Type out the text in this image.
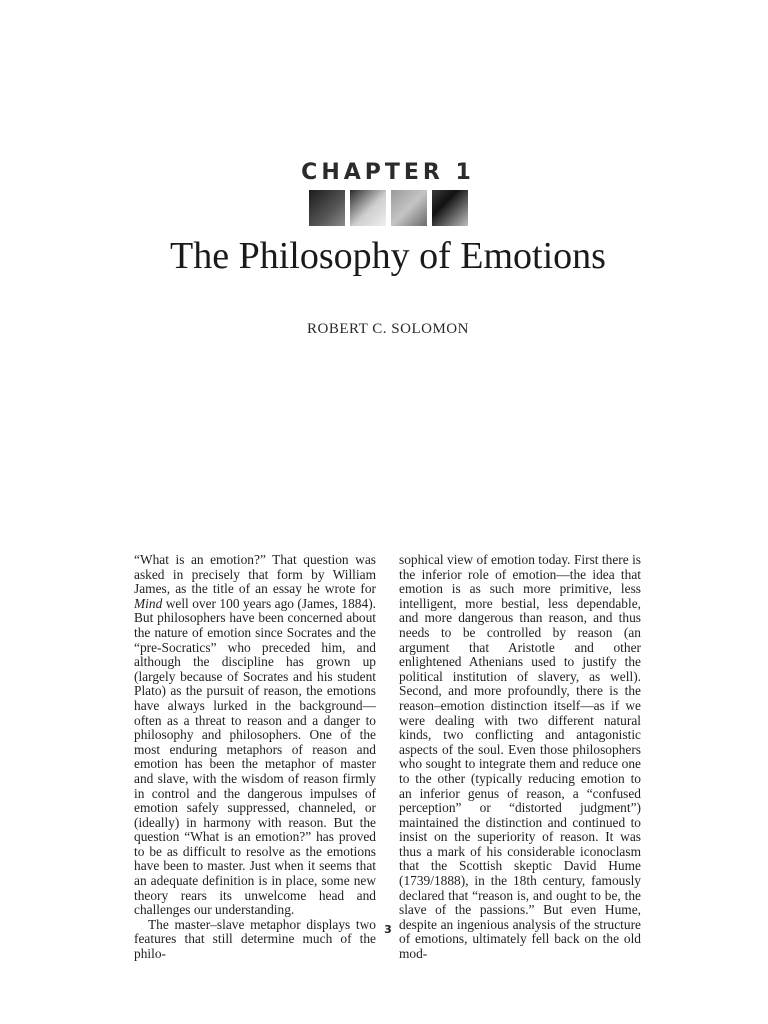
CHAPTER 1
The Philosophy of Emotions
ROBERT C. SOLOMON

“What is an emotion?” That question was asked in precisely that form by William James, as the title of an essay he wrote for Mind well over 100 years ago (James, 1884). But philosophers have been concerned about the nature of emotion since Socrates and the “pre-Socratics” who preceded him, and although the discipline has grown up (largely because of Socrates and his student Plato) as the pursuit of reason, the emotions have always lurked in the background—often as a threat to reason and a danger to philosophy and philosophers. One of the most enduring metaphors of reason and emotion has been the metaphor of master and slave, with the wisdom of reason firmly in control and the dangerous impulses of emotion safely suppressed, channeled, or (ideally) in harmony with reason. But the question “What is an emotion?” has proved to be as difficult to resolve as the emotions have been to master. Just when it seems that an adequate definition is in place, some new theory rears its unwelcome head and challenges our understanding.

The master–slave metaphor displays two features that still determine much of the philo-

sophical view of emotion today. First there is the inferior role of emotion—the idea that emotion is as such more primitive, less intelligent, more bestial, less dependable, and more dangerous than reason, and thus needs to be controlled by reason (an argument that Aristotle and other enlightened Athenians used to justify the political institution of slavery, as well). Second, and more profoundly, there is the reason–emotion distinction itself—as if we were dealing with two different natural kinds, two conflicting and antagonistic aspects of the soul. Even those philosophers who sought to integrate them and reduce one to the other (typically reducing emotion to an inferior genus of reason, a “confused perception” or “distorted judgment”) maintained the distinction and continued to insist on the superiority of reason. It was thus a mark of his considerable iconoclasm that the Scottish skeptic David Hume (1739/1888), in the 18th century, famously declared that “reason is, and ought to be, the slave of the passions.” But even Hume, despite an ingenious analysis of the structure of emotions, ultimately fell back on the old mod-

3
